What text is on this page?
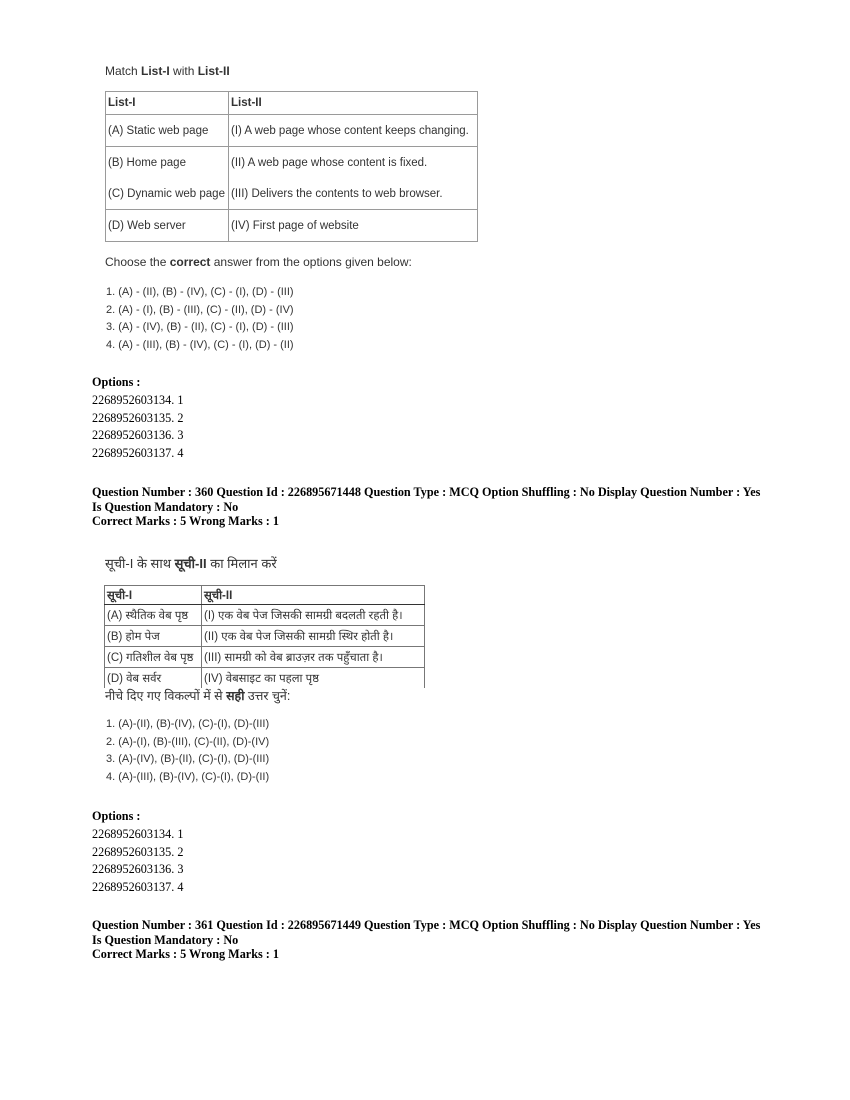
Match List-I with List-II
List-I	List-II
(A) Static web page	(I) A web page whose content keeps changing.
(B) Home page	(II) A web page whose content is fixed.
(C) Dynamic web page	(III) Delivers the contents to web browser.
(D) Web server	(IV) First page of website
Choose the correct answer from the options given below:
1. (A) - (II), (B) - (IV), (C) - (I), (D) - (III)
2. (A) - (I), (B) - (III), (C) - (II), (D) - (IV)
3. (A) - (IV), (B) - (II), (C) - (I), (D) - (III)
4. (A) - (III), (B) - (IV), (C) - (I), (D) - (II)
Options :
2268952603134. 1
2268952603135. 2
2268952603136. 3
2268952603137. 4
Question Number : 360 Question Id : 226895671448 Question Type : MCQ Option Shuffling : No Display Question Number : Yes Is Question Mandatory : No
Correct Marks : 5 Wrong Marks : 1
सूची-I के साथ सूची-II का मिलान करें
सूची-I	सूची-II
(A) स्थैतिक वेब पृष्ठ	(I) एक वेब पेज जिसकी सामग्री बदलती रहती है।
(B) होम पेज	(II) एक वेब पेज जिसकी सामग्री स्थिर होती है।
(C) गतिशील वेब पृष्ठ	(III) सामग्री को वेब ब्राउज़र तक पहुँचाता है।
(D) वेब सर्वर	(IV) वेबसाइट का पहला पृष्ठ
नीचे दिए गए विकल्पों में से सही उत्तर चुनें:
1. (A)-(II), (B)-(IV), (C)-(I), (D)-(III)
2. (A)-(I), (B)-(III), (C)-(II), (D)-(IV)
3. (A)-(IV), (B)-(II), (C)-(I), (D)-(III)
4. (A)-(III), (B)-(IV), (C)-(I), (D)-(II)
Options :
2268952603134. 1
2268952603135. 2
2268952603136. 3
2268952603137. 4
Question Number : 361 Question Id : 226895671449 Question Type : MCQ Option Shuffling : No Display Question Number : Yes Is Question Mandatory : No
Correct Marks : 5 Wrong Marks : 1
